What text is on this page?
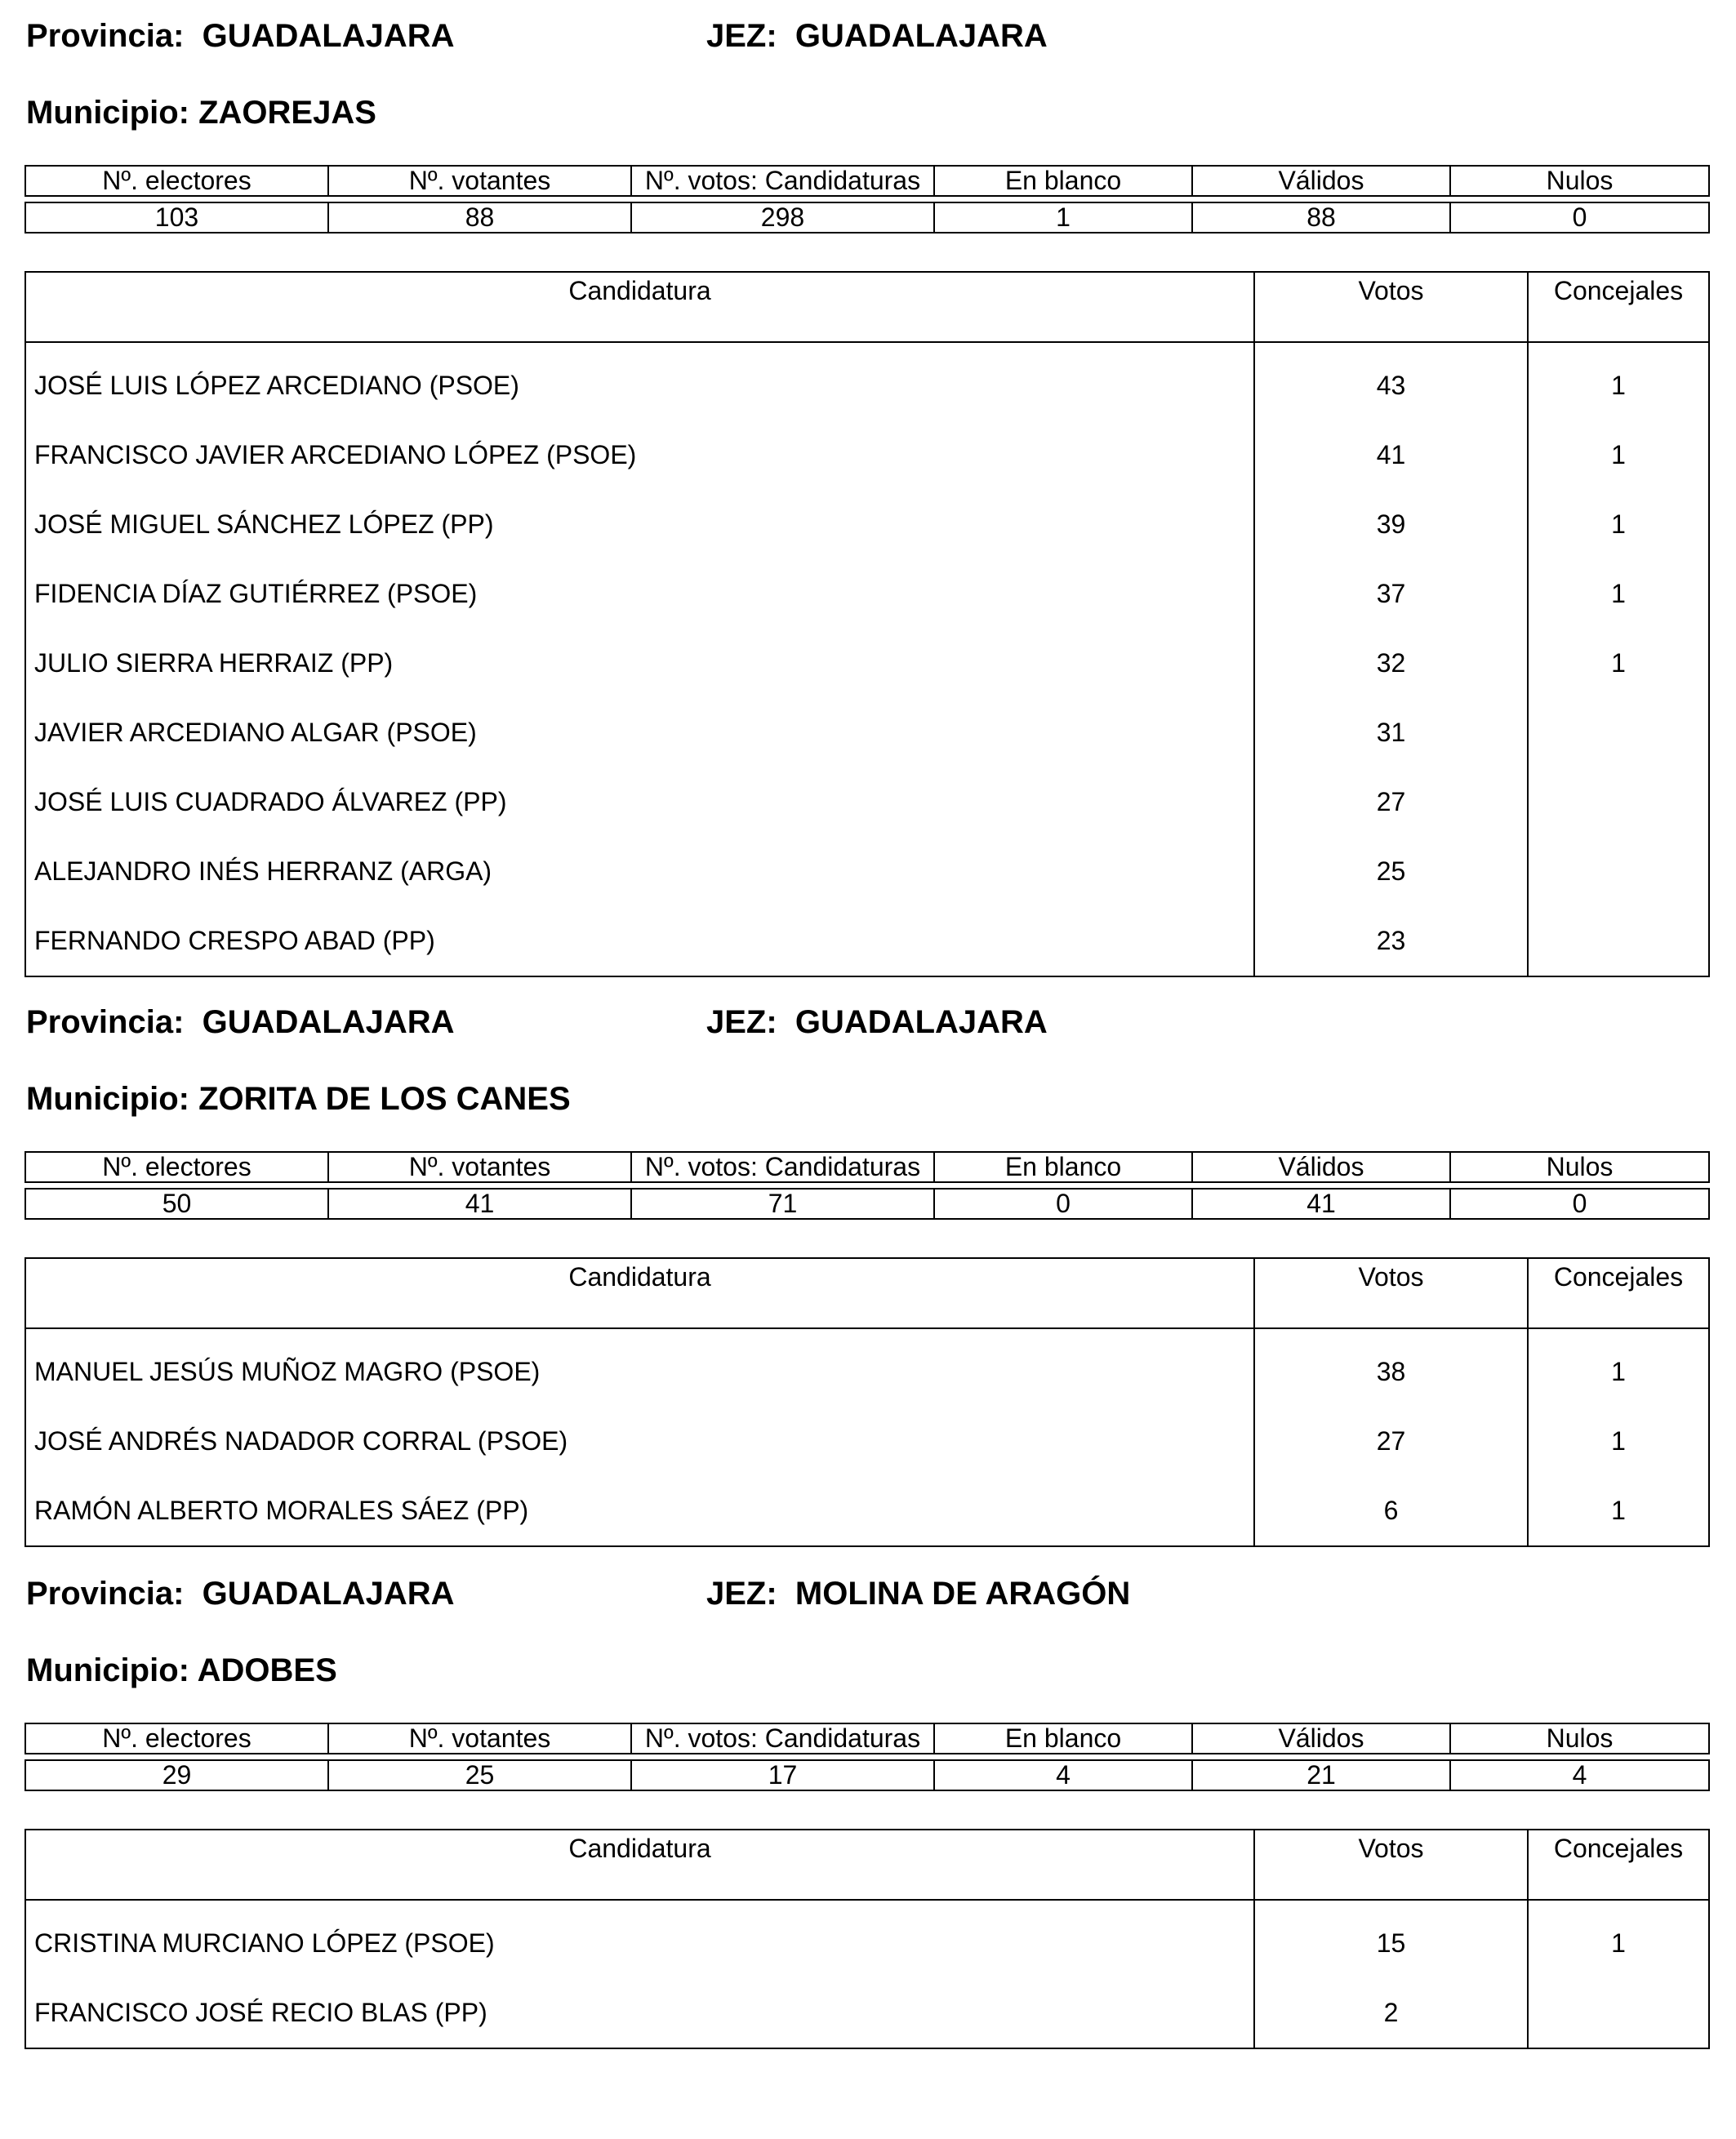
Provincia: GUADALAJARA	JEZ: GUADALAJARA
Municipio: ZAOREJAS
Nº. electores	Nº. votantes	Nº. votos: Candidaturas	En blanco	Válidos	Nulos

103	88	298	1	88	0
Candidatura	Votos	Concejales
JOSÉ LUIS LÓPEZ ARCEDIANO (PSOE)	43	1
FRANCISCO JAVIER ARCEDIANO LÓPEZ (PSOE)	41	1
JOSÉ MIGUEL SÁNCHEZ LÓPEZ (PP)	39	1
FIDENCIA DÍAZ GUTIÉRREZ (PSOE)	37	1
JULIO SIERRA HERRAIZ (PP)	32	1
JAVIER ARCEDIANO ALGAR (PSOE)	31	
JOSÉ LUIS CUADRADO ÁLVAREZ (PP)	27	
ALEJANDRO INÉS HERRANZ (ARGA)	25	
FERNANDO CRESPO ABAD (PP)	23	
Provincia: GUADALAJARA	JEZ: GUADALAJARA
Municipio: ZORITA DE LOS CANES
Nº. electores	Nº. votantes	Nº. votos: Candidaturas	En blanco	Válidos	Nulos

50	41	71	0	41	0
Candidatura	Votos	Concejales
MANUEL JESÚS MUÑOZ MAGRO (PSOE)	38	1
JOSÉ ANDRÉS NADADOR CORRAL (PSOE)	27	1
RAMÓN ALBERTO MORALES SÁEZ (PP)	6	1
Provincia: GUADALAJARA	JEZ: MOLINA DE ARAGÓN
Municipio: ADOBES
Nº. electores	Nº. votantes	Nº. votos: Candidaturas	En blanco	Válidos	Nulos

29	25	17	4	21	4
Candidatura	Votos	Concejales
CRISTINA MURCIANO LÓPEZ (PSOE)	15	1
FRANCISCO JOSÉ RECIO BLAS (PP)	2	
